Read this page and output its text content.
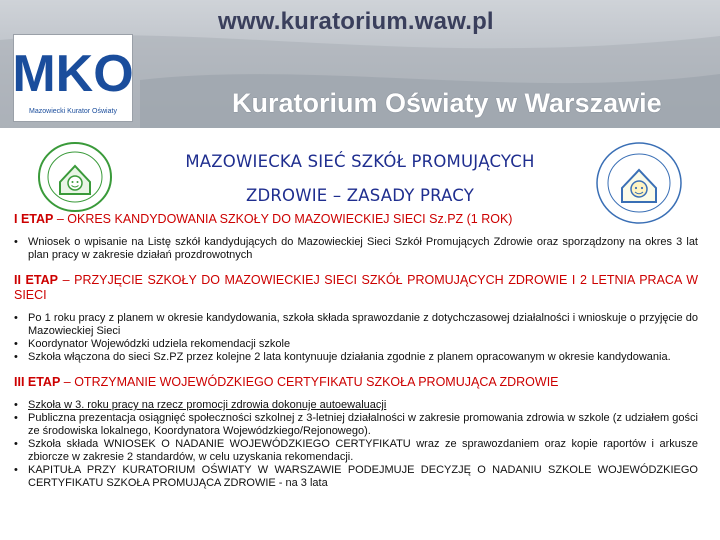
www.kuratorium.waw.pl
MKO
Mazowiecki Kurator Oświaty	Kuratorium Oświaty w Warszawie
MAZOWIECKA SIEĆ SZKÓŁ PROMUJĄCYCH
ZDROWIE – ZASADY PRACY
I ETAP – OKRES KANDYDOWANIA SZKOŁY DO MAZOWIECKIEJ SIECI Sz.PZ (1 ROK)
• Wniosek o wpisanie na Listę szkół kandydujących do Mazowieckiej Sieci Szkół Promujących Zdrowie oraz sporządzony na okres 3 lat plan pracy w zakresie działań prozdrowotnych
II ETAP – PRZYJĘCIE SZKOŁY DO MAZOWIECKIEJ SIECI SZKÓŁ PROMUJĄCYCH ZDROWIE I 2 LETNIA PRACA W SIECI
• Po 1 roku pracy z planem w okresie kandydowania, szkoła składa sprawozdanie z dotychczasowej działalności i wnioskuje o przyjęcie do Mazowieckiej Sieci
• Koordynator Wojewódzki udziela rekomendacji szkole
• Szkoła włączona do sieci Sz.PZ przez kolejne 2 lata kontynuuje działania zgodnie z planem opracowanym w okresie kandydowania.
III ETAP – OTRZYMANIE WOJEWÓDZKIEGO CERTYFIKATU SZKOŁA PROMUJĄCA ZDROWIE
• Szkoła w 3. roku pracy na rzecz promocji zdrowia dokonuje autoewaluacji
• Publiczna prezentacja osiągnięć społeczności szkolnej z 3-letniej działalności w zakresie promowania zdrowia w szkole (z udziałem gości ze środowiska lokalnego, Koordynatora Wojewódzkiego/Rejonowego).
• Szkoła składa WNIOSEK O NADANIE WOJEWÓDZKIEGO CERTYFIKATU wraz ze sprawozdaniem oraz kopie raportów i arkusze zbiorcze w zakresie 2 standardów, w celu uzyskania rekomendacji.
• KAPITUŁA PRZY KURATORIUM OŚWIATY W WARSZAWIE PODEJMUJE DECYZJĘ O NADANIU SZKOLE WOJEWÓDZKIEGO CERTYFIKATU SZKOŁA PROMUJĄCA ZDROWIE - na 3 lata
